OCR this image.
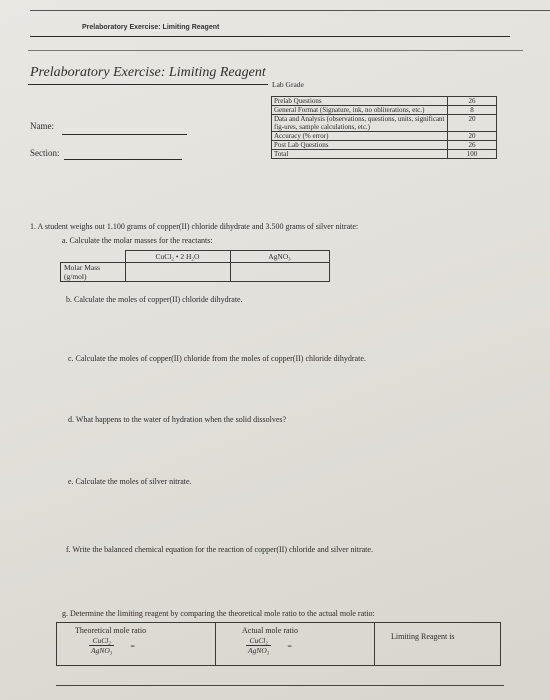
Prelaboratory Exercise: Limiting Reagent
Prelaboratory Exercise: Limiting Reagent
Name:
Section:
Lab Grade
Prelab Questions	26
General Format (Signature, ink, no obliterations, etc.)	8
Data and Analysis (observations, questions, units, significant fig-ures, sample calculations, etc.)	20
Accuracy (% error)	20
Post Lab Questions	26
Total	100
1. A student weighs out 1.100 grams of copper(II) chloride dihydrate and 3.500 grams of silver nitrate:
a. Calculate the molar masses for the reactants:
	CuCl₂ • 2 H₂O	AgNO₃
Molar Mass
(g/mol)		
b. Calculate the moles of copper(II) chloride dihydrate.
c. Calculate the moles of copper(II) chloride from the moles of copper(II) chloride dihydrate.
d. What happens to the water of hydration when the solid dissolves?
e. Calculate the moles of silver nitrate.
f. Write the balanced chemical equation for the reaction of copper(II) chloride and silver nitrate.
g. Determine the limiting reagent by comparing the theoretical mole ratio to the actual mole ratio:
Theoretical mole ratio
$\frac{\text{CuCl₂}}{\text{AgNO₃}}$ =

Actual mole ratio
$\frac{\text{CuCl₂}}{\text{AgNO₃}}$ =

Limiting Reagent is
